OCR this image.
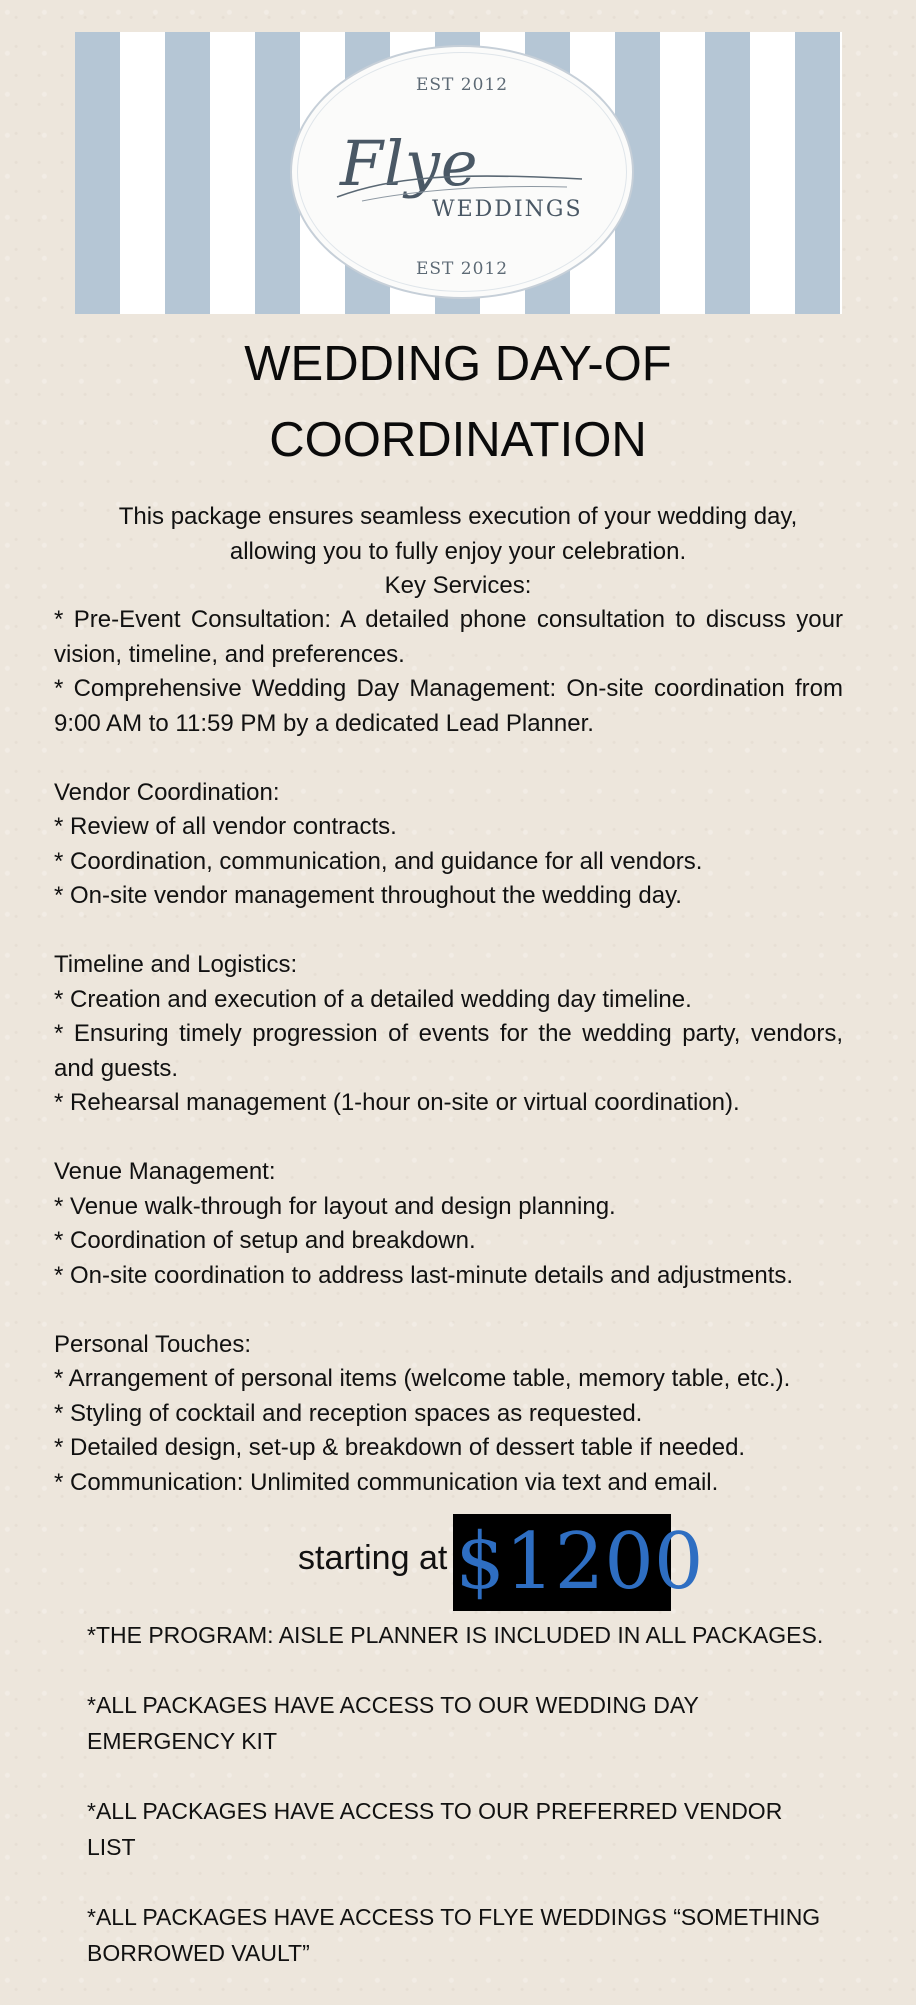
EST 2012
Flye
WEDDINGS
EST 2012
WEDDING DAY-OF
COORDINATION
This package ensures seamless execution of your wedding day,
allowing you to fully enjoy your celebration.
Key Services:

* Pre-Event Consultation: A detailed phone consultation to discuss your vision, timeline, and preferences.

* Comprehensive Wedding Day Management: On-site coordination from 9:00 AM to 11:59 PM by a dedicated Lead Planner.

Vendor Coordination:

* Review of all vendor contracts.

* Coordination, communication, and guidance for all vendors.

* On-site vendor management throughout the wedding day.

Timeline and Logistics:

* Creation and execution of a detailed wedding day timeline.

* Ensuring timely progression of events for the wedding party, vendors, and guests.

* Rehearsal management (1-hour on-site or virtual coordination).

Venue Management:

* Venue walk-through for layout and design planning.

* Coordination of setup and breakdown.

* On-site coordination to address last-minute details and adjustments.

Personal Touches:

* Arrangement of personal items (welcome table, memory table, etc.).

* Styling of cocktail and reception spaces as requested.

* Detailed design, set-up & breakdown of dessert table if needed.

* Communication: Unlimited communication via text and email.

starting at $1200

*THE PROGRAM: AISLE PLANNER IS INCLUDED IN ALL PACKAGES.

*ALL PACKAGES HAVE ACCESS TO OUR WEDDING DAY EMERGENCY KIT

*ALL PACKAGES HAVE ACCESS TO OUR PREFERRED VENDOR LIST

*ALL PACKAGES HAVE ACCESS TO FLYE WEDDINGS “SOMETHING BORROWED VAULT”
